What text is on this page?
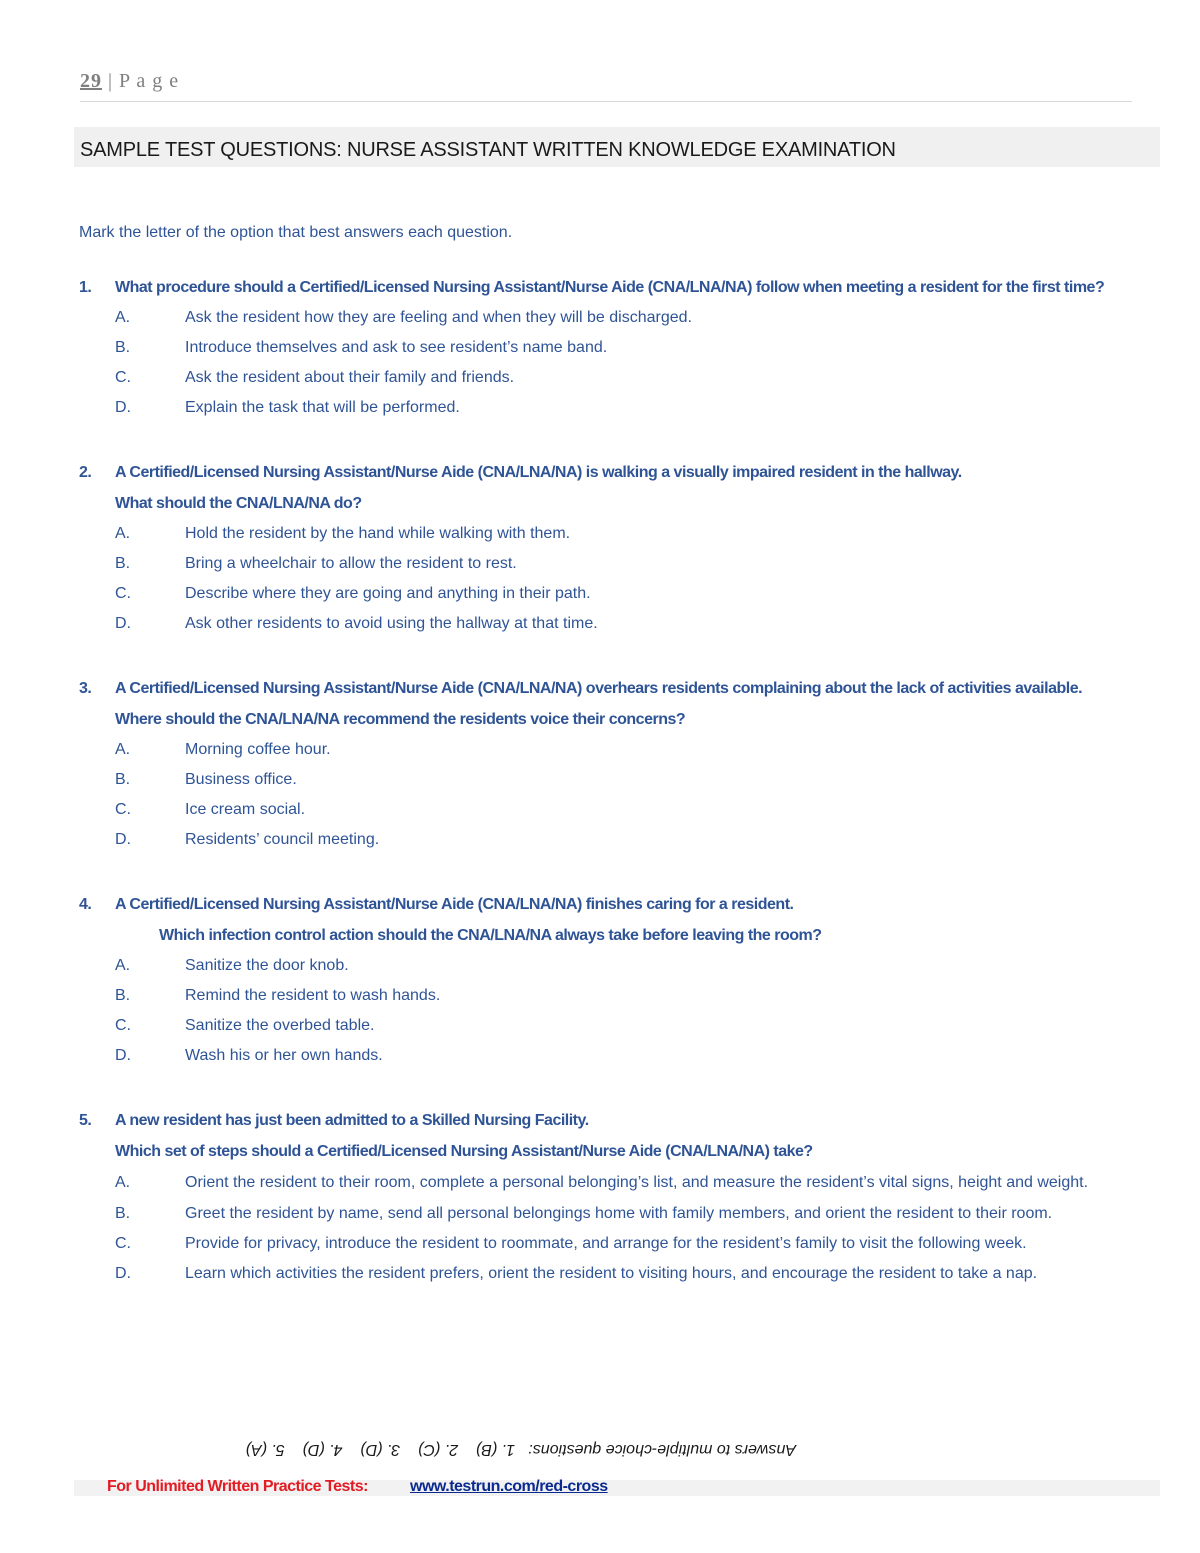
29 | P a g e
SAMPLE TEST QUESTIONS: NURSE ASSISTANT WRITTEN KNOWLEDGE EXAMINATION
Mark the letter of the option that best answers each question.
1.	What procedure should a Certified/Licensed Nursing Assistant/Nurse Aide (CNA/LNA/NA) follow when meeting a resident for the first time?
A.	Ask the resident how they are feeling and when they will be discharged.
B.	Introduce themselves and ask to see resident’s name band.
C.	Ask the resident about their family and friends.
D.	Explain the task that will be performed.
2.	A Certified/Licensed Nursing Assistant/Nurse Aide (CNA/LNA/NA) is walking a visually impaired resident in the hallway.
What should the CNA/LNA/NA do?
A.	Hold the resident by the hand while walking with them.
B.	Bring a wheelchair to allow the resident to rest.
C.	Describe where they are going and anything in their path.
D.	Ask other residents to avoid using the hallway at that time.
3.	A Certified/Licensed Nursing Assistant/Nurse Aide (CNA/LNA/NA) overhears residents complaining about the lack of activities available.
Where should the CNA/LNA/NA recommend the residents voice their concerns?
A.	Morning coffee hour.
B.	Business office.
C.	Ice cream social.
D.	Residents’ council meeting.
4.	A Certified/Licensed Nursing Assistant/Nurse Aide (CNA/LNA/NA) finishes caring for a resident.
Which infection control action should the CNA/LNA/NA always take before leaving the room?
A.	Sanitize the door knob.
B.	Remind the resident to wash hands.
C.	Sanitize the overbed table.
D.	Wash his or her own hands.
5.	A new resident has just been admitted to a Skilled Nursing Facility.
Which set of steps should a Certified/Licensed Nursing Assistant/Nurse Aide (CNA/LNA/NA) take?
A.	Orient the resident to their room, complete a personal belonging’s list, and measure the resident’s vital signs, height and weight.
B.	Greet the resident by name, send all personal belongings home with family members, and orient the resident to their room.
C.	Provide for privacy, introduce the resident to roommate, and arrange for the resident’s family to visit the following week.
D.	Learn which activities the resident prefers, orient the resident to visiting hours, and encourage the resident to take a nap.
Answers to multiple-choice questions:   1. (B)    2. (C)    3. (D)    4. (D)    5. (A)
For Unlimited Written Practice Tests:	www.testrun.com/red-cross
